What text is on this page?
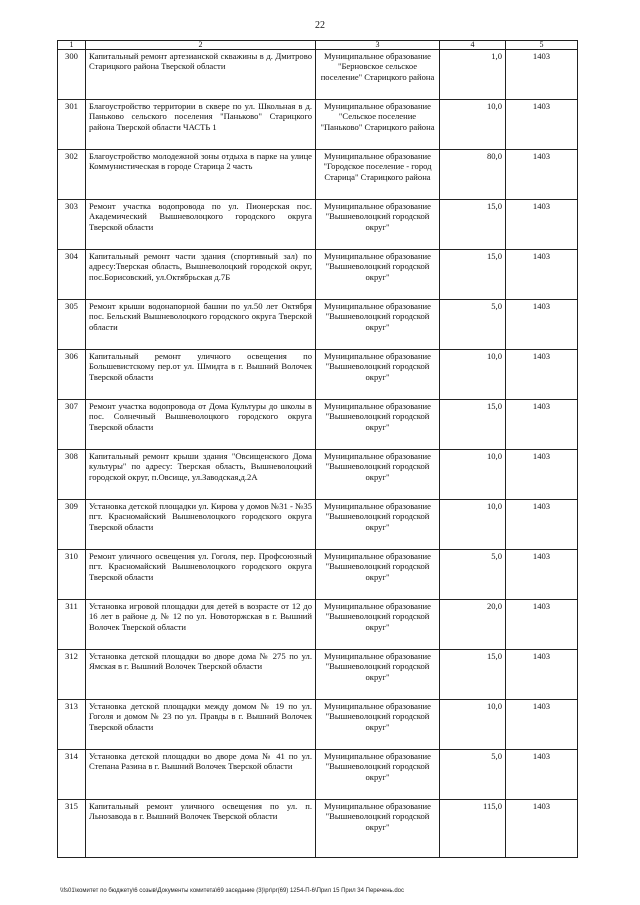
22
1	2	3	4	5
300	Капитальный ремонт артезианской скважины в д. Дмитрово Старицкого района Тверской области	Муниципальное образование "Берновское сельское поселение" Старицкого района	1,0	1403
301	Благоустройство территории в сквере по ул. Школьная в д. Паньково сельского поселения "Паньково" Старицкого района Тверской области ЧАСТЬ 1	Муниципальное образование "Сельское поселение "Паньково" Старицкого района	10,0	1403
302	Благоустройство молодежной зоны отдыха в парке на улице Коммунистическая в городе Старица 2 часть	Муниципальное образование "Городское поселение - город Старица" Старицкого района	80,0	1403
303	Ремонт участка водопровода по ул. Пионерская пос. Академический Вышневолоцкого городского округа Тверской области	Муниципальное образование "Вышневолоцкий городской округ"	15,0	1403
304	Капитальный ремонт части здания (спортивный зал) по адресу:Тверская область, Вышневолоцкий городской округ, пос.Борисовский, ул.Октябрьская д.7Б	Муниципальное образование "Вышневолоцкий городской округ"	15,0	1403
305	Ремонт крыши водонапорной башни по ул.50 лет Октября пос. Бельский Вышневолоцкого городского округа Тверской области	Муниципальное образование "Вышневолоцкий городской округ"	5,0	1403
306	Капитальный ремонт уличного освещения по Большевистскому пер.от ул. Шмидта в г. Вышний Волочек Тверской области	Муниципальное образование "Вышневолоцкий городской округ"	10,0	1403
307	Ремонт участка водопровода от Дома Культуры до школы в пос. Солнечный Вышневолоцкого городского округа Тверской области	Муниципальное образование "Вышневолоцкий городской округ"	15,0	1403
308	Капитальный ремонт крыши здания "Овсищенского Дома культуры" по адресу: Тверская область, Вышневолоцкий городской округ, п.Овсище, ул.Заводская,д.2А	Муниципальное образование "Вышневолоцкий городской округ"	10,0	1403
309	Установка детской площадки ул. Кирова у домов №31 - №35 пгт. Красномайский Вышневолоцкого городского округа Тверской области	Муниципальное образование "Вышневолоцкий городской округ"	10,0	1403
310	Ремонт уличного освещения ул. Гоголя, пер. Профсоюзный пгт. Красномайский Вышневолоцкого городского округа Тверской области	Муниципальное образование "Вышневолоцкий городской округ"	5,0	1403
311	Установка игровой площадки для детей в возрасте от 12 до 16 лет в районе д. № 12 по ул. Новоторжская в г. Вышний Волочек Тверской области	Муниципальное образование "Вышневолоцкий городской округ"	20,0	1403
312	Установка детской площадки во дворе дома № 275 по ул. Ямская в г. Вышний Волочек Тверской области	Муниципальное образование "Вышневолоцкий городской округ"	15,0	1403
313	Установка детской площадки между домом № 19 по ул. Гоголя и домом № 23 по ул. Правды в г. Вышний Волочек Тверской области	Муниципальное образование "Вышневолоцкий городской округ"	10,0	1403
314	Установка детской площадки во дворе дома № 41 по ул. Степана Разина в г. Вышний Волочек Тверской области	Муниципальное образование "Вышневолоцкий городской округ"	5,0	1403
315	Капитальный ремонт уличного освещения по ул. п. Льнозавода в г. Вышний Волочек Тверской области	Муниципальное образование "Вышневолоцкий городской округ"	115,0	1403
\\fs01\комитет по бюджету\6 созыв\Документы комитета\69 заседание (3)\pr\pr(69) 1254-П-6\Прил 15 Прил 34 Перечень.doc
